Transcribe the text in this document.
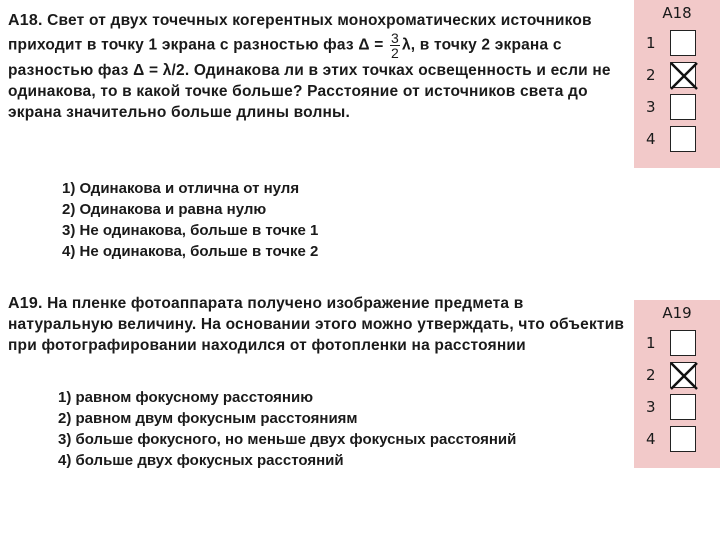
А18. Свет от двух точечных когерентных монохроматических источников приходит в точку 1 экрана с разностью фаз $\Delta = \frac{3}{2} \lambda$, в точку 2 экрана с разностью фаз Δ = λ/2. Одинакова ли в этих точках освещенность и если не одинакова, то в какой точке больше? Расстояние от источников света до экрана значительно больше длины волны.
1) Одинакова и отлична от нуля
2) Одинакова и равна нулю
3) Не одинакова, больше в точке 1
4) Не одинакова, больше в точке 2
А19. На пленке фотоаппарата получено изображение предмета в натуральную величину. На основании этого можно утверждать, что объектив при фотографировании находился от фотопленки на расстоянии
1) равном фокусному расстоянию
2) равном двум фокусным расстояниям
3) больше фокусного, но меньше двух фокусных расстояний
4) больше двух фокусных расстояний
A18
1
2
3
4
A19
1
2
3
4
